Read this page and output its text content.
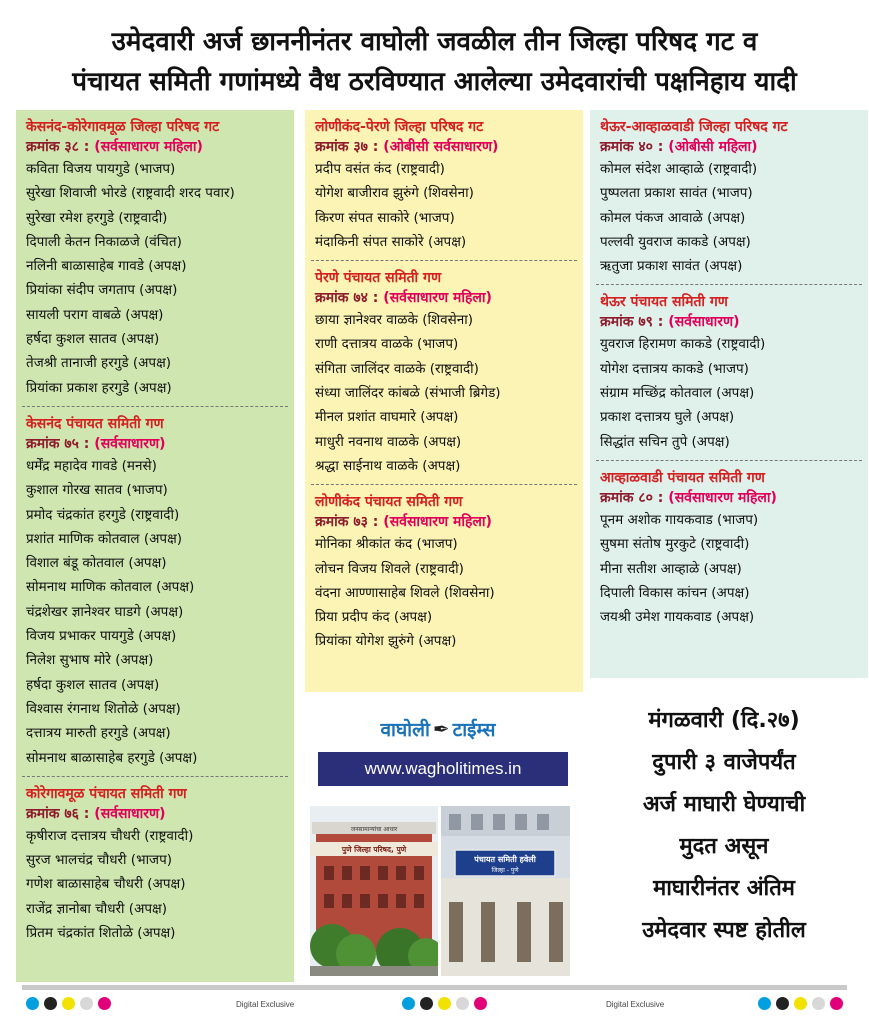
उमेदवारी अर्ज छाननीनंतर वाघोली जवळील तीन जिल्हा परिषद गट व
पंचायत समिती गणांमध्ये वैध ठरविण्यात आलेल्या उमेदवारांची पक्षनिहाय यादी
केसनंद-कोरेगावमूळ जिल्हा परिषद गट
क्रमांक ३८ : (सर्वसाधारण महिला)
कविता विजय पायगुडे (भाजप)
सुरेखा शिवाजी भोरडे (राष्ट्रवादी शरद पवार)
सुरेखा रमेश हरगुडे (राष्ट्रवादी)
दिपाली केतन निकाळजे (वंचित)
नलिनी बाळासाहेब गावडे (अपक्ष)
प्रियांका संदीप जगताप (अपक्ष)
सायली पराग वाबळे (अपक्ष)
हर्षदा कुशल सातव (अपक्ष)
तेजश्री तानाजी हरगुडे (अपक्ष)
प्रियांका प्रकाश हरगुडे (अपक्ष)
केसनंद पंचायत समिती गण
क्रमांक ७५ : (सर्वसाधारण)
धर्मेंद्र महादेव गावडे (मनसे)
कुशाल गोरख सातव (भाजप)
प्रमोद चंद्रकांत हरगुडे (राष्ट्रवादी)
प्रशांत माणिक कोतवाल (अपक्ष)
विशाल बंडू कोतवाल (अपक्ष)
सोमनाथ माणिक कोतवाल (अपक्ष)
चंद्रशेखर ज्ञानेश्वर घाडगे (अपक्ष)
विजय प्रभाकर पायगुडे (अपक्ष)
निलेश सुभाष मोरे (अपक्ष)
हर्षदा कुशल सातव (अपक्ष)
विश्वास रंगनाथ शितोळे (अपक्ष)
दत्तात्रय मारुती हरगुडे (अपक्ष)
सोमनाथ बाळासाहेब हरगुडे (अपक्ष)
कोरेगावमूळ पंचायत समिती गण
क्रमांक ७६ : (सर्वसाधारण)
कृषीराज दत्तात्रय चौधरी (राष्ट्रवादी)
सुरज भालचंद्र चौधरी (भाजप)
गणेश बाळासाहेब चौधरी (अपक्ष)
राजेंद्र ज्ञानोबा चौधरी (अपक्ष)
प्रितम चंद्रकांत शितोळे (अपक्ष)
लोणीकंद-पेरणे जिल्हा परिषद गट
क्रमांक ३७ : (ओबीसी सर्वसाधारण)
प्रदीप वसंत कंद (राष्ट्रवादी)
योगेश बाजीराव झुरुंगे (शिवसेना)
किरण संपत साकोरे (भाजप)
मंदाकिनी संपत साकोरे (अपक्ष)
पेरणे पंचायत समिती गण
क्रमांक ७४ : (सर्वसाधारण महिला)
छाया ज्ञानेश्वर वाळके (शिवसेना)
राणी दत्तात्रय वाळके (भाजप)
संगिता जालिंदर वाळके (राष्ट्रवादी)
संध्या जालिंदर कांबळे (संभाजी ब्रिगेड)
मीनल प्रशांत वाघमारे (अपक्ष)
माधुरी नवनाथ वाळके (अपक्ष)
श्रद्धा साईनाथ वाळके (अपक्ष)
लोणीकंद पंचायत समिती गण
क्रमांक ७३ : (सर्वसाधारण महिला)
मोनिका श्रीकांत कंद (भाजप)
लोचन विजय शिवले (राष्ट्रवादी)
वंदना आण्णासाहेब शिवले (शिवसेना)
प्रिया प्रदीप कंद (अपक्ष)
प्रियांका योगेश झुरुंगे (अपक्ष)
थेऊर-आव्हाळवाडी जिल्हा परिषद गट
क्रमांक ४० : (ओबीसी महिला)
कोमल संदेश आव्हाळे (राष्ट्रवादी)
पुष्पलता प्रकाश सावंत (भाजप)
कोमल पंकज आवाळे (अपक्ष)
पल्लवी युवराज काकडे (अपक्ष)
ऋतुजा प्रकाश सावंत (अपक्ष)
थेऊर पंचायत समिती गण
क्रमांक ७९ : (सर्वसाधारण)
युवराज हिरामण काकडे (राष्ट्रवादी)
योगेश दत्तात्रय काकडे (भाजप)
संग्राम मच्छिंद्र कोतवाल (अपक्ष)
प्रकाश दत्तात्रय घुले (अपक्ष)
सिद्धांत सचिन तुपे (अपक्ष)
आव्हाळवाडी पंचायत समिती गण
क्रमांक ८० : (सर्वसाधारण महिला)
पूनम अशोक गायकवाड (भाजप)
सुषमा संतोष मुरकुटे (राष्ट्रवादी)
मीना सतीश आव्हाळे (अपक्ष)
दिपाली विकास कांचन (अपक्ष)
जयश्री उमेश गायकवाड (अपक्ष)
वाघोली ✒ टाईम्स
www.wagholitimes.in
जनसामान्यांचा आधार
पुणे जिल्हा परिषद, पुणे
पंचायत समिती हवेली
जिल्हा - पुणे
मंगळवारी (दि.२७)
दुपारी ३ वाजेपर्यंत
अर्ज माघारी घेण्याची
मुदत असून
माघारीनंतर अंतिम
उमेदवार स्पष्ट होतील
Digital Exclusive	Digital Exclusive
